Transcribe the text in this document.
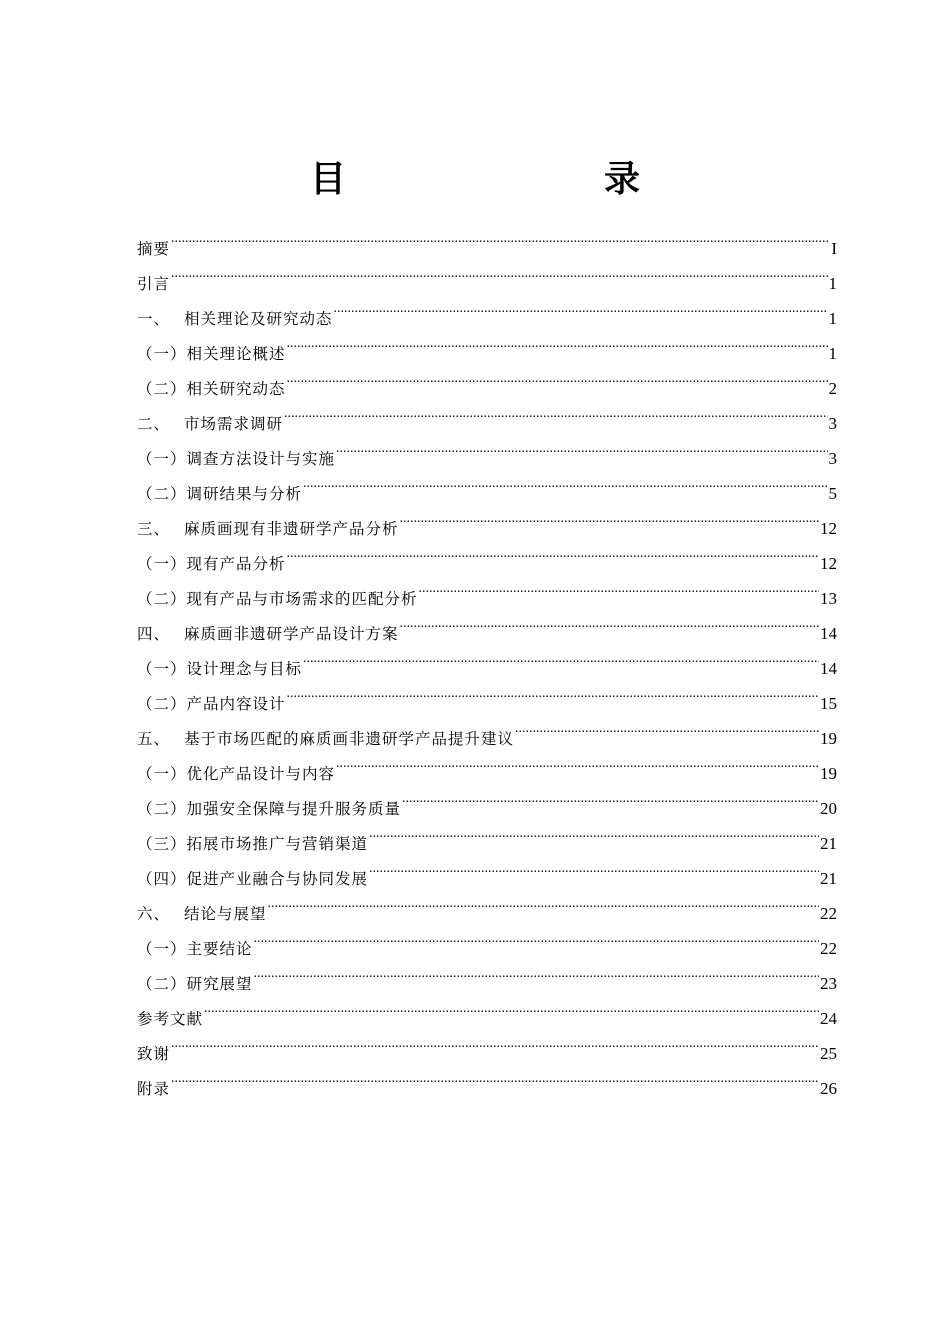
目　　录
摘要 .....	I
引言 .....	1
一、 相关理论及研究动态 .....	1
（一）相关理论概述 .....	1
（二）相关研究动态 .....	2
二、 市场需求调研 .....	3
（一）调查方法设计与实施 .....	3
（二）调研结果与分析 .....	5
三、 麻质画现有非遗研学产品分析 .....	12
（一）现有产品分析 .....	12
（二）现有产品与市场需求的匹配分析 .....	13
四、 麻质画非遗研学产品设计方案 .....	14
（一）设计理念与目标 .....	14
（二）产品内容设计 .....	15
五、 基于市场匹配的麻质画非遗研学产品提升建议 .....	19
（一）优化产品设计与内容 .....	19
（二）加强安全保障与提升服务质量 .....	20
（三）拓展市场推广与营销渠道 .....	21
（四）促进产业融合与协同发展 .....	21
六、 结论与展望 .....	22
（一）主要结论 .....	22
（二）研究展望 .....	23
参考文献 .....	24
致谢 .....	25
附录 .....	26
